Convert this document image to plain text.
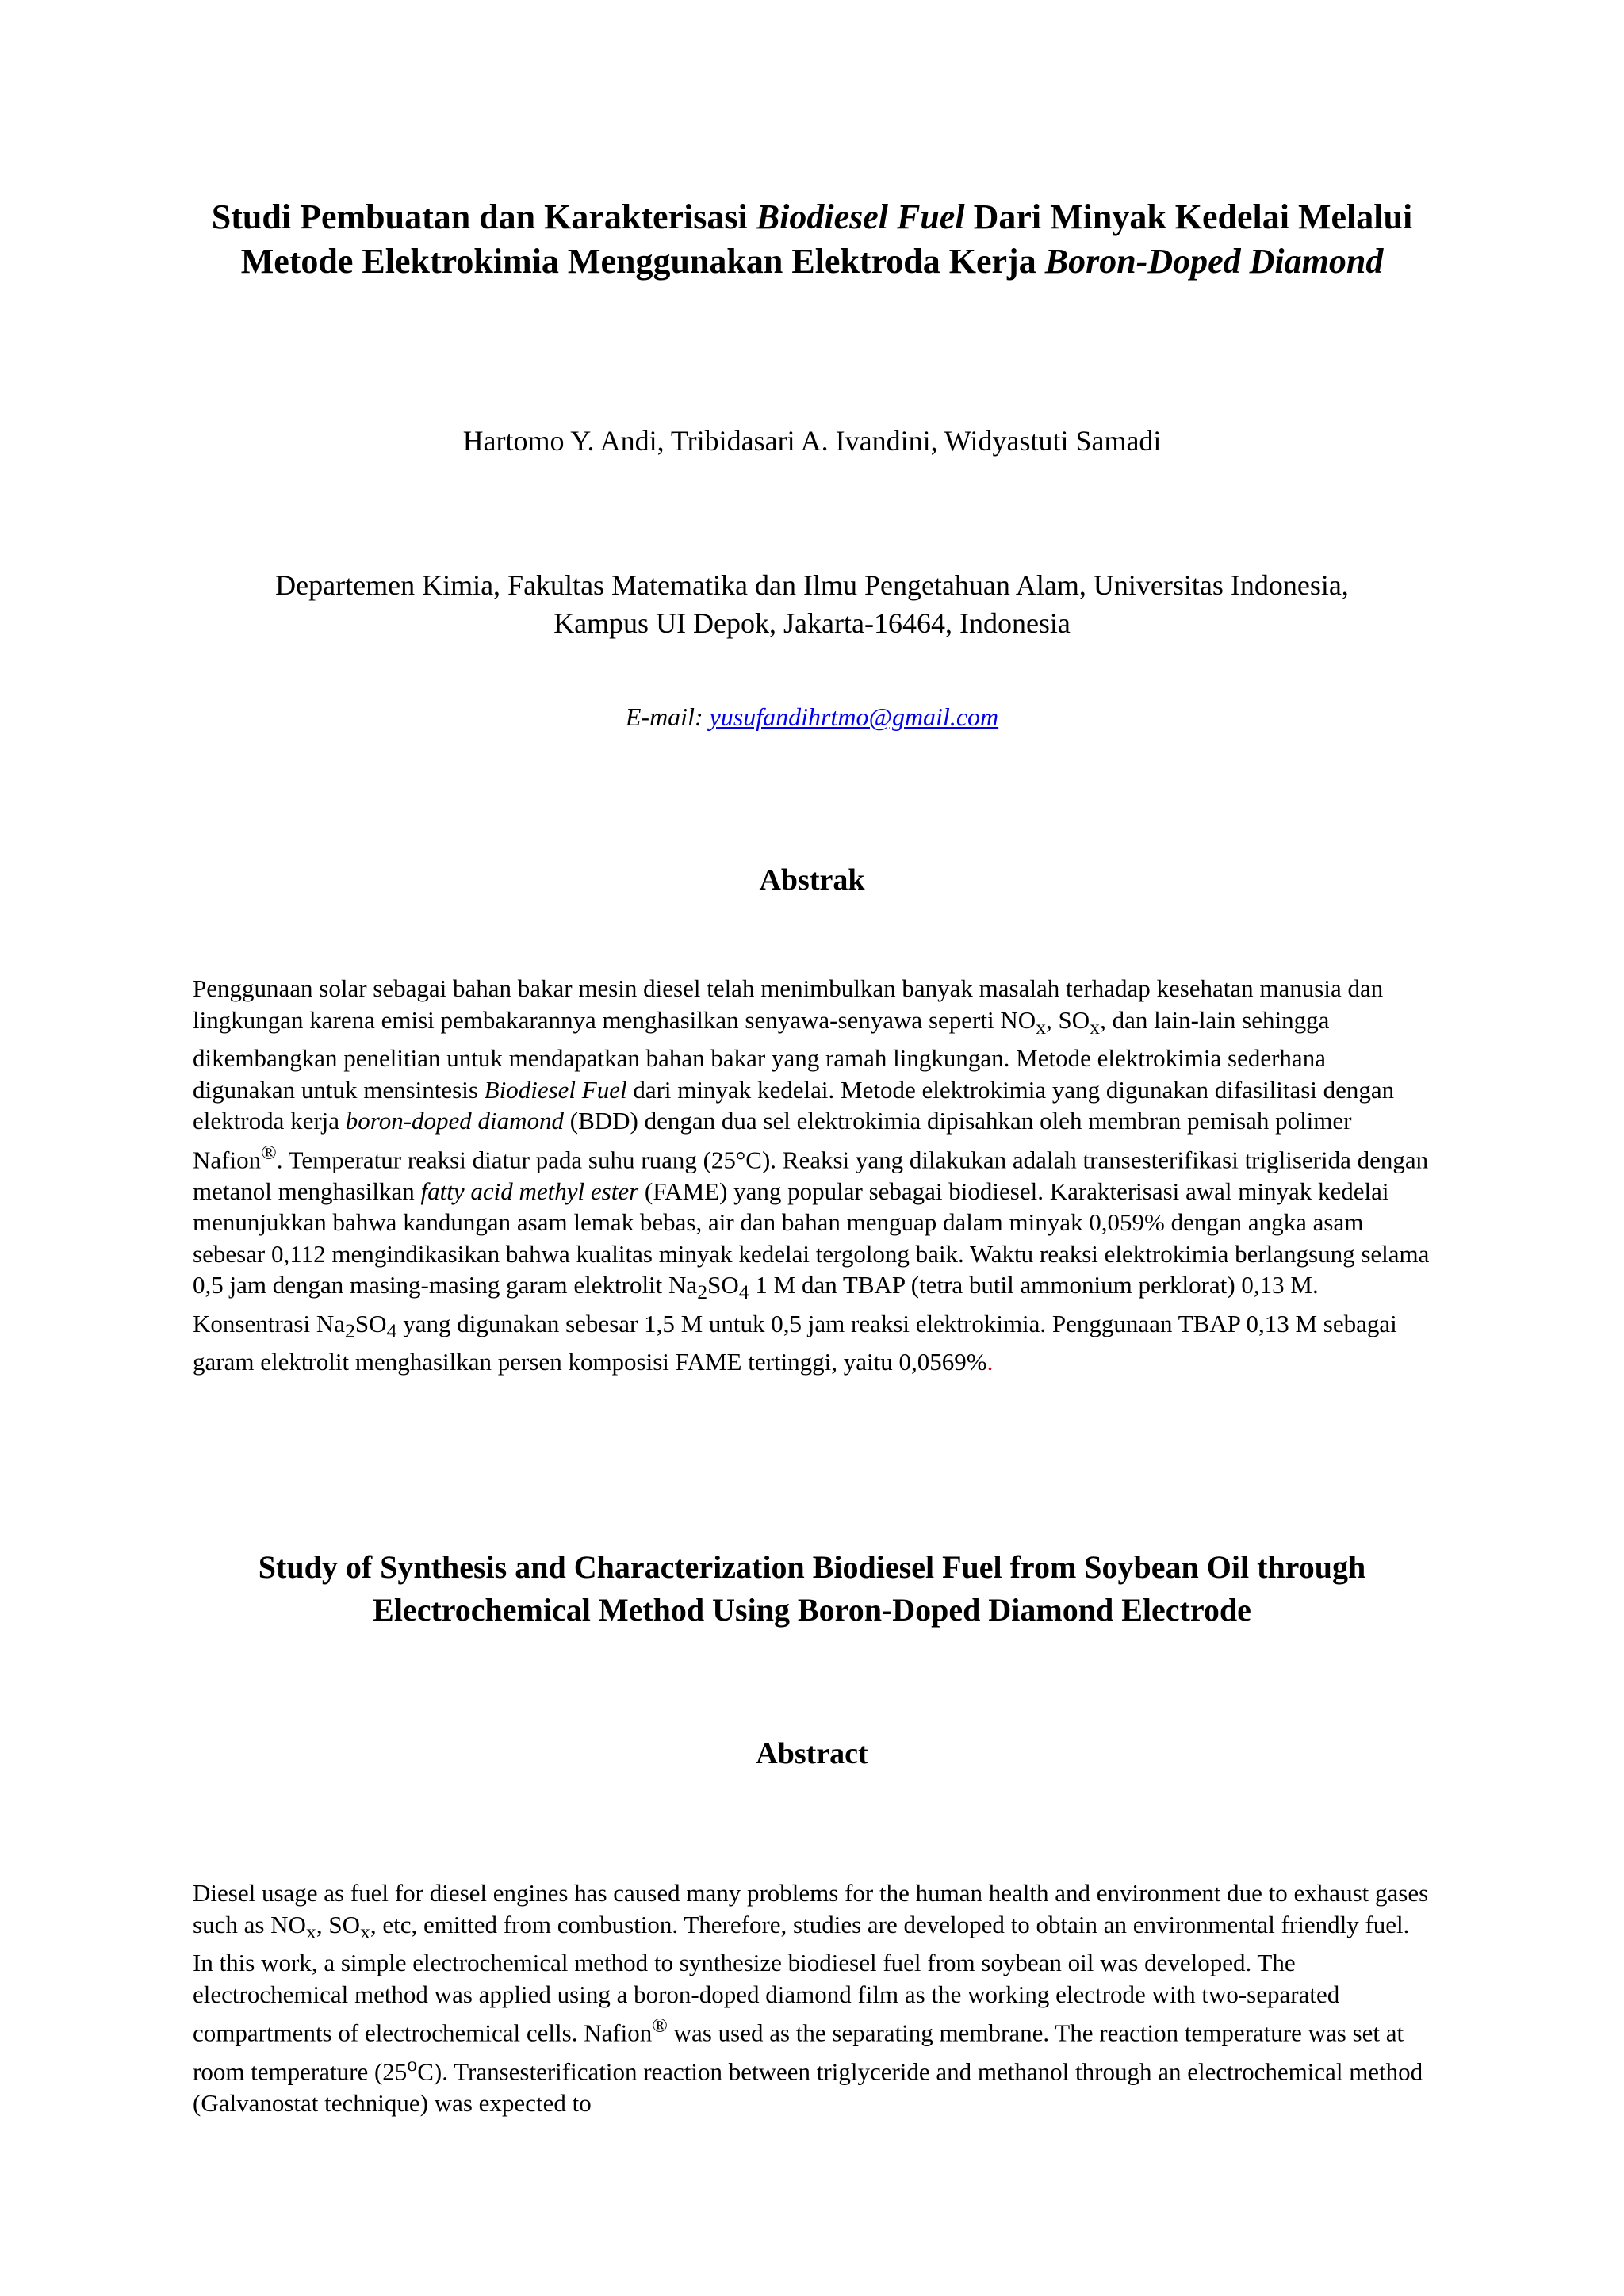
Studi Pembuatan dan Karakterisasi Biodiesel Fuel Dari Minyak Kedelai Melalui Metode Elektrokimia Menggunakan Elektroda Kerja Boron-Doped Diamond

Hartomo Y. Andi, Tribidasari A. Ivandini, Widyastuti Samadi

Departemen Kimia, Fakultas Matematika dan Ilmu Pengetahuan Alam, Universitas Indonesia,
Kampus UI Depok, Jakarta-16464, Indonesia

E-mail: yusufandihrtmo@gmail.com

Abstrak

Penggunaan solar sebagai bahan bakar mesin diesel telah menimbulkan banyak masalah terhadap kesehatan manusia dan lingkungan karena emisi pembakarannya menghasilkan senyawa-senyawa seperti $NO_x$, $SO_x$, dan lain-lain sehingga dikembangkan penelitian untuk mendapatkan bahan bakar yang ramah lingkungan. Metode elektrokimia sederhana digunakan untuk mensintesis Biodiesel Fuel dari minyak kedelai. Metode elektrokimia yang digunakan difasilitasi dengan elektroda kerja boron-doped diamond (BDD) dengan dua sel elektrokimia dipisahkan oleh membran pemisah polimer Nafion®. Temperatur reaksi diatur pada suhu ruang (25°C). Reaksi yang dilakukan adalah transesterifikasi trigliserida dengan metanol menghasilkan fatty acid methyl ester (FAME) yang popular sebagai biodiesel. Karakterisasi awal minyak kedelai menunjukkan bahwa kandungan asam lemak bebas, air dan bahan menguap dalam minyak 0,059% dengan angka asam sebesar 0,112 mengindikasikan bahwa kualitas minyak kedelai tergolong baik. Waktu reaksi elektrokimia berlangsung selama 0,5 jam dengan masing-masing garam elektrolit $Na_2SO_4$ 1 M dan TBAP (tetra butil ammonium perklorat) 0,13 M. Konsentrasi $Na_2SO_4$ yang digunakan sebesar 1,5 M untuk 0,5 jam reaksi elektrokimia. Penggunaan TBAP 0,13 M sebagai garam elektrolit menghasilkan persen komposisi FAME tertinggi, yaitu 0,0569%.

Study of Synthesis and Characterization Biodiesel Fuel from Soybean Oil through Electrochemical Method Using Boron-Doped Diamond Electrode
Abstract

Diesel usage as fuel for diesel engines has caused many problems for the human health and environment due to exhaust gases such as $NO_x$, $SO_x$, etc, emitted from combustion. Therefore, studies are developed to obtain an environmental friendly fuel. In this work, a simple electrochemical method to synthesize biodiesel fuel from soybean oil was developed. The electrochemical method was applied using a boron-doped diamond film as the working electrode with two-separated compartments of electrochemical cells. Nafion® was used as the separating membrane. The reaction temperature was set at room temperature (25$^o$C). Transesterification reaction between triglyceride and methanol through an electrochemical method (Galvanostat technique) was expected to
